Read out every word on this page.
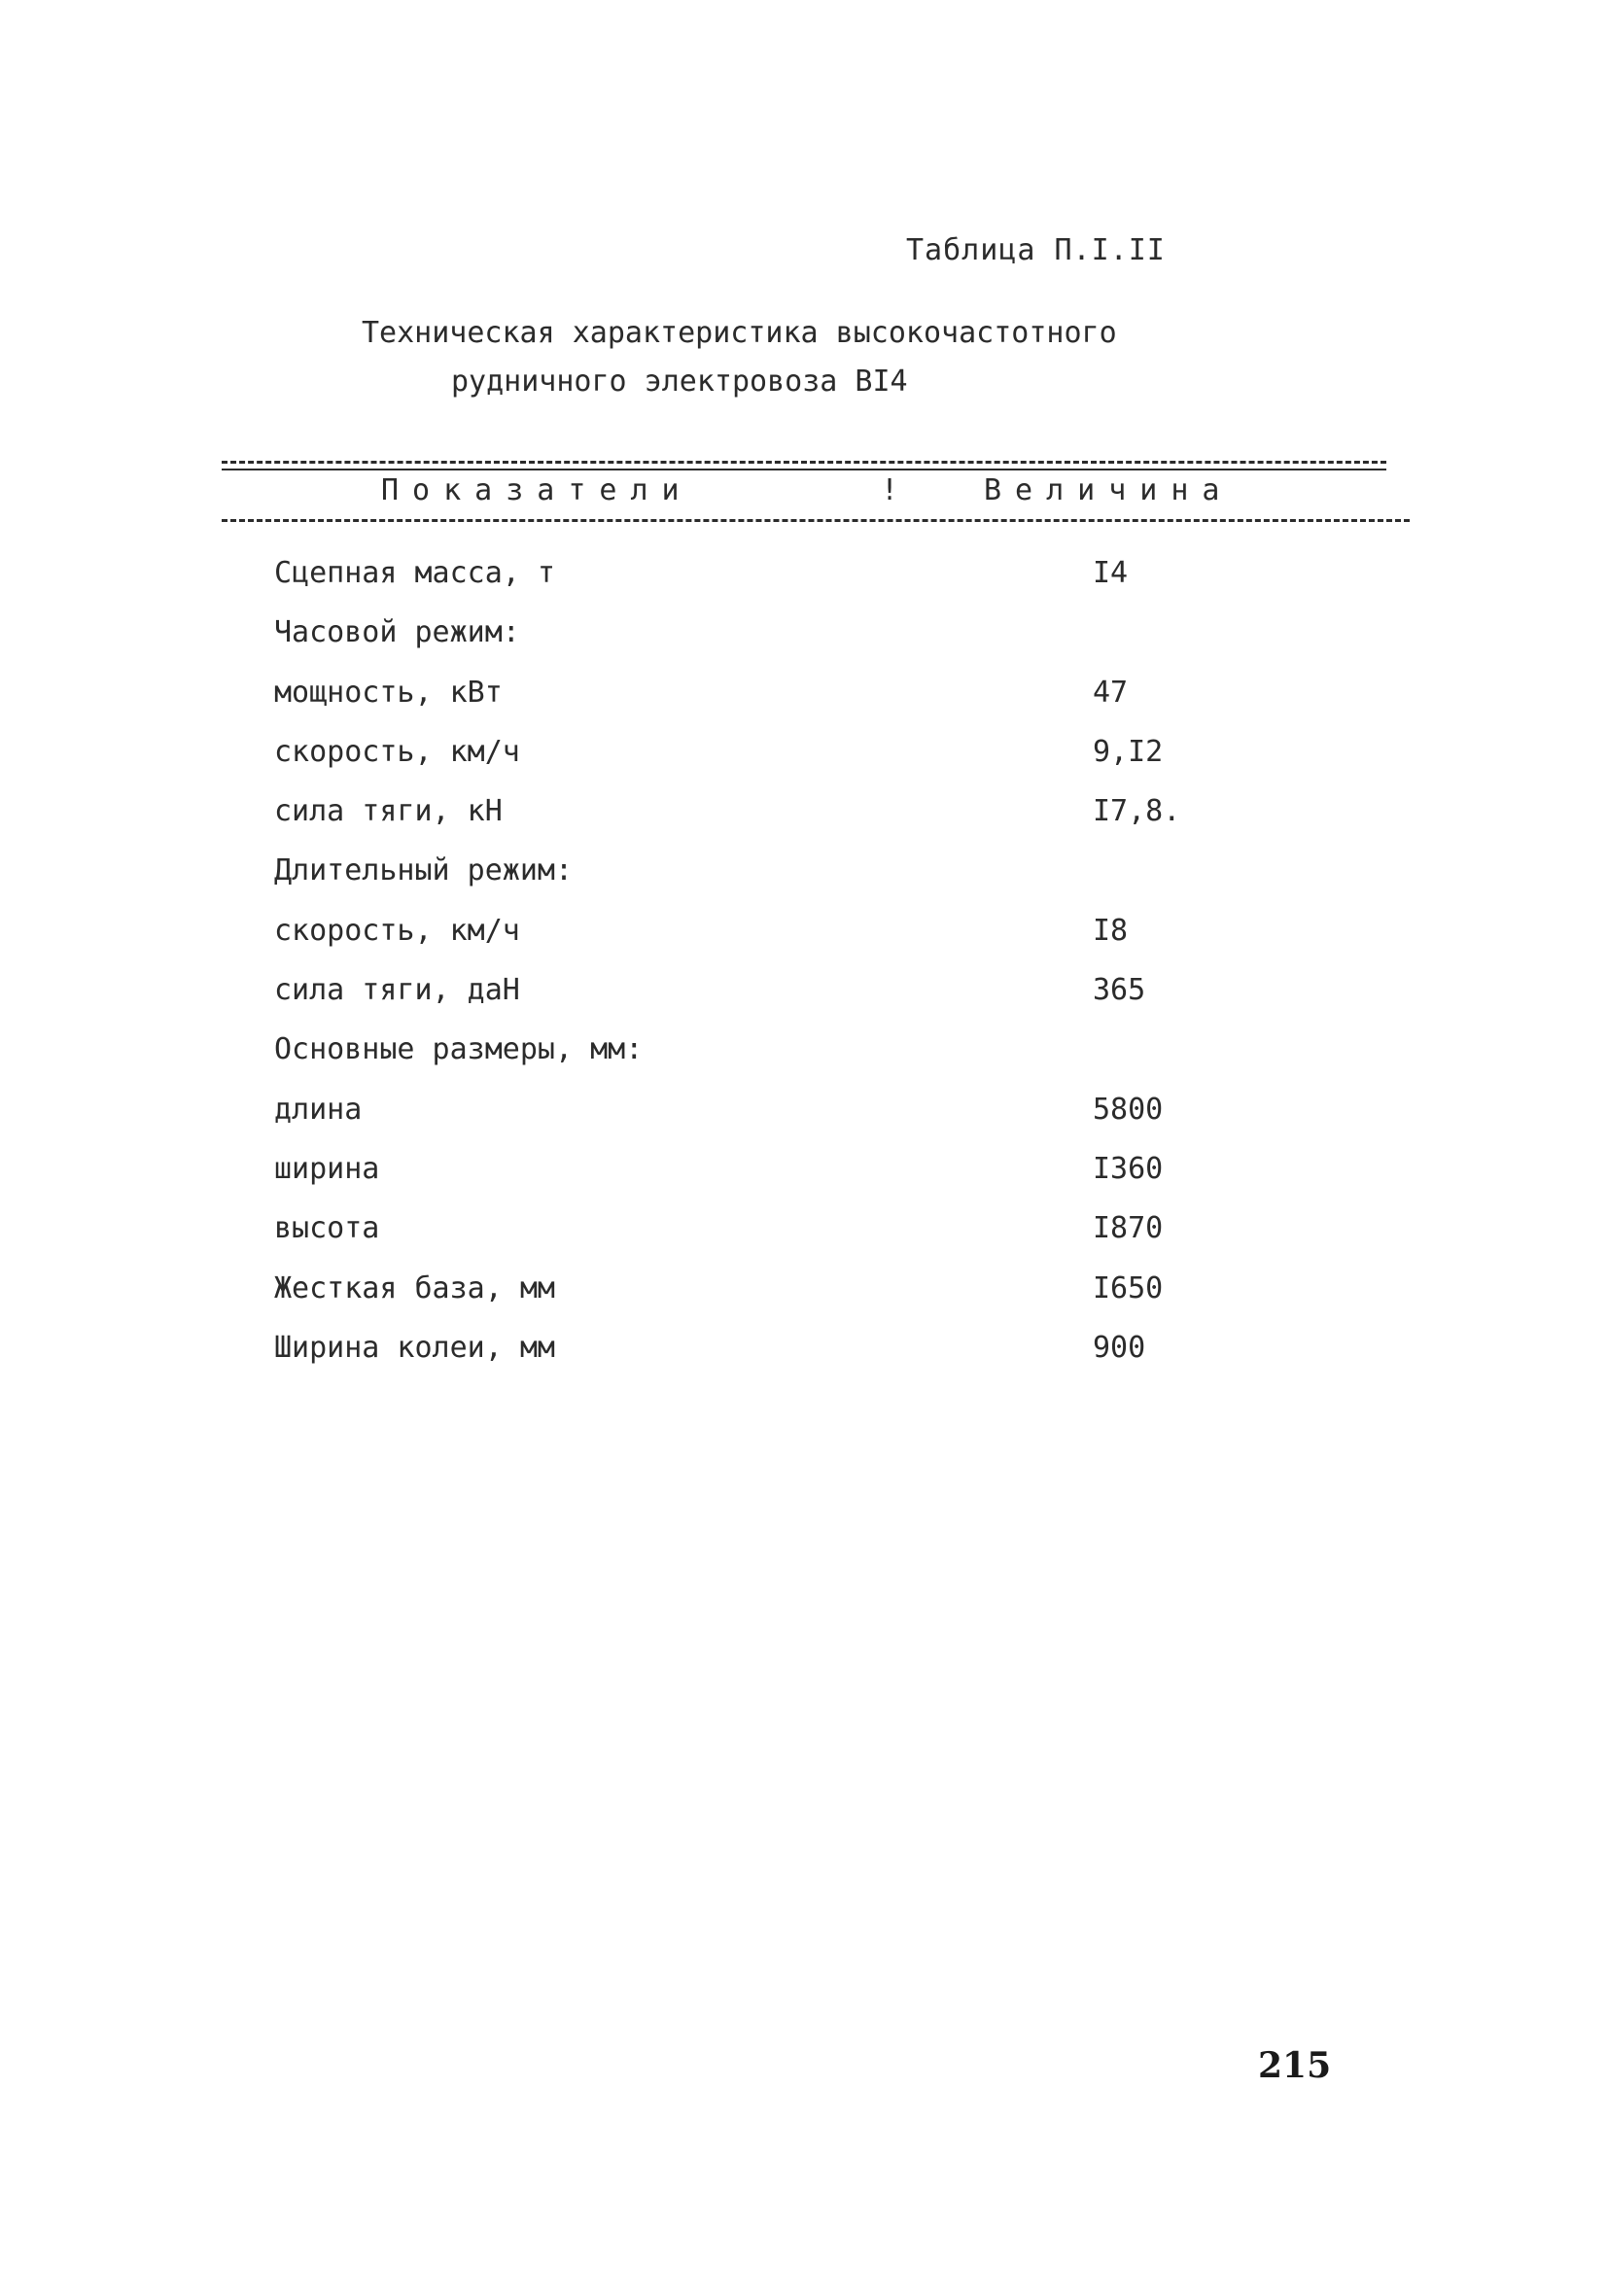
Таблица П.I.II
Техническая характеристика высокочастотного
рудничного электровоза ВI4
Показатели	!	Величина
Сцепная масса, т	I4
Часовой режим:
мощность, кВт	47
скорость, км/ч	9,I2
сила тяги, кН	I7,8.
Длительный режим:
скорость, км/ч	I8
сила тяги, даН	365
Основные размеры, мм:
длина	5800
ширина	I360
высота	I870
Жесткая база, мм	I650
Ширина колеи, мм	900
215
